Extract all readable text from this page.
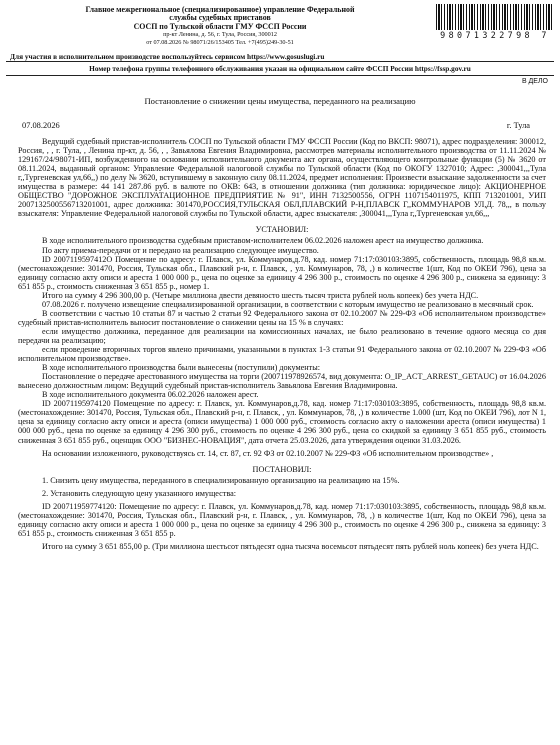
Главное межрегиональное (специализированное) управление Федеральной
службы судебных приставов
СОСП по Тульской области ГМУ ФССП России
пр-кт Ленина, д. 56, г. Тула, Россия, 300012
от 07.08.2026 № 98071/26/153405 Тел. +7(495)249-30-51
98071322798 7
Для участия в исполнительном производстве воспользуйтесь сервисом https://www.gosuslugi.ru
Номер телефона группы телефонного обслуживания указан на официальном сайте ФССП России https://fssp.gov.ru
В ДЕЛО
Постановление о снижении цены имущества, переданного на реализацию
07.08.2026	г. Тула

Ведущий судебный пристав-исполнитель СОСП по Тульской области ГМУ ФССП России (Код по ВКСП: 98071), адрес подразделения: 300012, Россия, , , г. Тула, , Ленина пр-кт, д. 56, , , Завьялова Евгения Владимировна, рассмотрев материалы исполнительного производства от 11.11.2024 № 129167/24/98071-ИП, возбужденного на основании исполнительного документа акт органа, осуществляющего контрольные функции (5) № 3620 от 08.11.2024, выданный органом: Управление Федеральной налоговой службы по Тульской области (Код по ОКОГУ 1327010; Адрес: ,300041,,,Тула г,,Тургеневская ул,66,,) по делу № 3620, вступившему в законную силу 08.11.2024, предмет исполнения: Произвести взыскание задолженности за счет имущества в размере: 44 141 287.86 руб. в валюте по ОКВ: 643, в отношении должника (тип должника: юридическое лицо): АКЦИОНЕРНОЕ ОБЩЕСТВО "ДОРОЖНОЕ ЭКСПЛУАТАЦИОННОЕ ПРЕДПРИЯТИЕ № 91", ИНН 7132500556, ОГРН 1107154011975, КПП 713201001, УИП 2007132500556713201001, адрес должника: 301470,РОССИЯ,ТУЛЬСКАЯ ОБЛ,ПЛАВСКИЙ Р-Н,ПЛАВСК Г,,КОММУНАРОВ УЛ,Д. 78,,, в пользу взыскателя: Управление Федеральной налоговой службы по Тульской области, адрес взыскателя: ,300041,,,Тула г,,Тургеневская ул,66,,,

УСТАНОВИЛ:

В ходе исполнительного производства судебным приставом-исполнителем 06.02.2026 наложен арест на имущество должника.

По акту приема-передачи от и передано на реализацию следующее имущество.

ID 2007119597412О Помещение по адресу: г. Плавск, ул. Коммунаров,д.78, кад. номер 71:17:030103:3895, собственность, площадь 98,8 кв.м. (местонахождение: 301470, Россия, Тульская обл., Плавский р-н, г. Плавск, , ул. Коммунаров, 78, ,) в количестве 1(шт, Код по ОКЕИ 796), цена за единицу согласно акту описи и ареста 1 000 000 р., цена по оценке за единицу 4 296 300 р., стоимость по оценке 4 296 300 р., снижена за единицу: 3 651 855 р., стоимость сниженная 3 651 855 р., номер 1.

Итого на сумму 4 296 300,00 р. (Четыре миллиона двести девяносто шесть тысяч триста рублей ноль копеек) без учета НДС.

07.08.2026 г. получено извещение специализированной организации, в соответствии с которым имущество не реализовано в месячный срок.

В соответствии с частью 10 статьи 87 и частью 2 статьи 92 Федерального закона от 02.10.2007 № 229-ФЗ «Об исполнительном производстве» судебный пристав-исполнитель выносит постановление о снижении цены на 15 % в случаях:

если имущество должника, переданное для реализации на комиссионных началах, не было реализовано в течение одного месяца со дня передачи на реализацию;

если проведение вторичных торгов явлено причинами, указанными в пунктах 1-3 статьи 91 Федерального закона от 02.10.2007 № 229-ФЗ «Об исполнительном производстве».

В ходе исполнительного производства были вынесены (поступили) документы:

Постановление о передаче арестованного имущества на торги (200711978926574, вид документа: O_IP_ACT_ARREST_GETAUC) от 16.04.2026 вынесено должностным лицом: Ведущий судебный пристав-исполнитель Завьялова Евгения Владимировна.

В ходе исполнительного документа 06.02.2026 наложен арест.

ID 20071195974120 Помещение по адресу: г. Плавск, ул. Коммунаров,д.78, кад. номер 71:17:030103:3895, собственность, площадь 98,8 кв.м. (местонахождение: 301470, Россия, Тульская обл., Плавский р-н, г. Плавск, , ул. Коммунаров, 78, ,) в количестве 1.000 (шт, Код по ОКЕИ 796), лот N 1, цена за единицу согласно акту описи и ареста (описи имущества) 1 000 000 руб., стоимость согласно акту о наложении ареста (описи имущества) 1 000 000 руб., цена по оценке за единицу 4 296 300 руб., стоимость по оценке 4 296 300 руб., цена со скидкой за единицу 3 651 855 руб., стоимость сниженная 3 651 855 руб., оценщик ООО "БИЗНЕС-НОВАЦИЯ", дата отчета 25.03.2026, дата утверждения оценки 31.03.2026.

На основании изложенного, руководствуясь ст. 14, ст. 87, ст. 92 ФЗ от 02.10.2007 № 229-ФЗ «Об исполнительном производстве» ,

ПОСТАНОВИЛ:

1. Снизить цену имущества, переданного в специализированную организацию на реализацию на 15%.

2. Установить следующую цену указанного имущества:

ID 200711959774120: Помещение по адресу: г. Плавск, ул. Коммунаров,д.78, кад. номер 71:17:030103:3895, собственность, площадь 98,8 кв.м. (местонахождение: 301470, Россия, Тульская обл., Плавский р-н, г. Плавск, , ул. Коммунаров, 78, ,) в количестве 1(шт, Код по ОКЕИ 796), цена за единицу согласно акту описи и ареста 1 000 000 р., цена по оценке за единицу 4 296 300 р., стоимость по оценке 4 296 300 р., снижена за единицу: 3 651 855 р., стоимость сниженная 3 651 855 р.

Итого на сумму 3 651 855,00 р. (Три миллиона шестьсот пятьдесят одна тысяча восемьсот пятьдесят пять рублей ноль копеек) без учета НДС.
